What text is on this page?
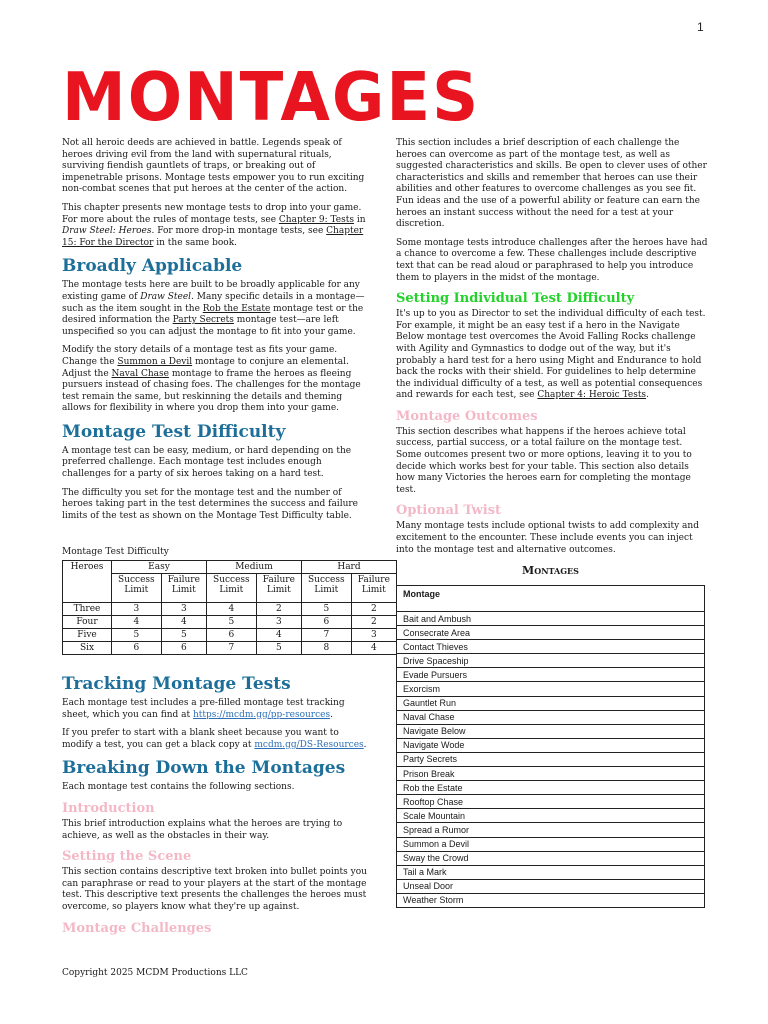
1
MONTAGES

Not all heroic deeds are achieved in battle. Legends speak of heroes driving evil from the land with supernatural rituals, surviving fiendish gauntlets of traps, or breaking out of impenetrable prisons. Montage tests empower you to run exciting non-combat scenes that put heroes at the center of the action.

This chapter presents new montage tests to drop into your game. For more about the rules of montage tests, see Chapter 9: Tests in Draw Steel: Heroes. For more drop-in montage tests, see Chapter 15: For the Director in the same book.

Broadly Applicable

The montage tests here are built to be broadly applicable for any existing game of Draw Steel. Many specific details in a montage—such as the item sought in the Rob the Estate montage test or the desired information the Party Secrets montage test—are left unspecified so you can adjust the montage to fit into your game.

Modify the story details of a montage test as fits your game. Change the Summon a Devil montage to conjure an elemental. Adjust the Naval Chase montage to frame the heroes as fleeing pursuers instead of chasing foes. The challenges for the montage test remain the same, but reskinning the details and theming allows for flexibility in where you drop them into your game.

Montage Test Difficulty

A montage test can be easy, medium, or hard depending on the preferred challenge. Each montage test includes enough challenges for a party of six heroes taking on a hard test.

The difficulty you set for the montage test and the number of heroes taking part in the test determines the success and failure limits of the test as shown on the Montage Test Difficulty table.

Montage Test Difficulty
Heroes	Easy		Medium		Hard	
	Success Limit	Failure Limit	Success Limit	Failure Limit	Success Limit	Failure Limit
Three	3	3	4	2	5	2
Four	4	4	5	3	6	2
Five	5	5	6	4	7	3
Six	6	6	7	5	8	4
Tracking Montage Tests

Each montage test includes a pre-filled montage test tracking sheet, which you can find at https://mcdm.gg/pp-resources.

If you prefer to start with a blank sheet because you want to modify a test, you can get a black copy at mcdm.gg/DS-Resources.

Breaking Down the Montages

Each montage test contains the following sections.

Introduction

This brief introduction explains what the heroes are trying to achieve, as well as the obstacles in their way.

Setting the Scene

This section contains descriptive text broken into bullet points you can paraphrase or read to your players at the start of the montage test. This descriptive text presents the challenges the heroes must overcome, so players know what they're up against.

Montage Challenges

This section includes a brief description of each challenge the heroes can overcome as part of the montage test, as well as suggested characteristics and skills. Be open to clever uses of other characteristics and skills and remember that heroes can use their abilities and other features to overcome challenges as you see fit. Fun ideas and the use of a powerful ability or feature can earn the heroes an instant success without the need for a test at your discretion.

Some montage tests introduce challenges after the heroes have had a chance to overcome a few. These challenges include descriptive text that can be read aloud or paraphrased to help you introduce them to players in the midst of the montage.

Setting Individual Test Difficulty

It's up to you as Director to set the individual difficulty of each test. For example, it might be an easy test if a hero in the Navigate Below montage test overcomes the Avoid Falling Rocks challenge with Agility and Gymnastics to dodge out of the way, but it's probably a hard test for a hero using Might and Endurance to hold back the rocks with their shield. For guidelines to help determine the individual difficulty of a test, as well as potential consequences and rewards for each test, see Chapter 4: Heroic Tests.

Montage Outcomes

This section describes what happens if the heroes achieve total success, partial success, or a total failure on the montage test. Some outcomes present two or more options, leaving it to you to decide which works best for your table. This section also details how many Victories the heroes earn for completing the montage test.

Optional Twist

Many montage tests include optional twists to add complexity and excitement to the encounter. These include events you can inject into the montage test and alternative outcomes.

Montages
Montage
Bait and Ambush
Consecrate Area
Contact Thieves
Drive Spaceship
Evade Pursuers
Exorcism
Gauntlet Run
Naval Chase
Navigate Below
Navigate Wode
Party Secrets
Prison Break
Rob the Estate
Rooftop Chase
Scale Mountain
Spread a Rumor
Summon a Devil
Sway the Crowd
Tail a Mark
Unseal Door
Weather Storm
Copyright 2025 MCDM Productions LLC
